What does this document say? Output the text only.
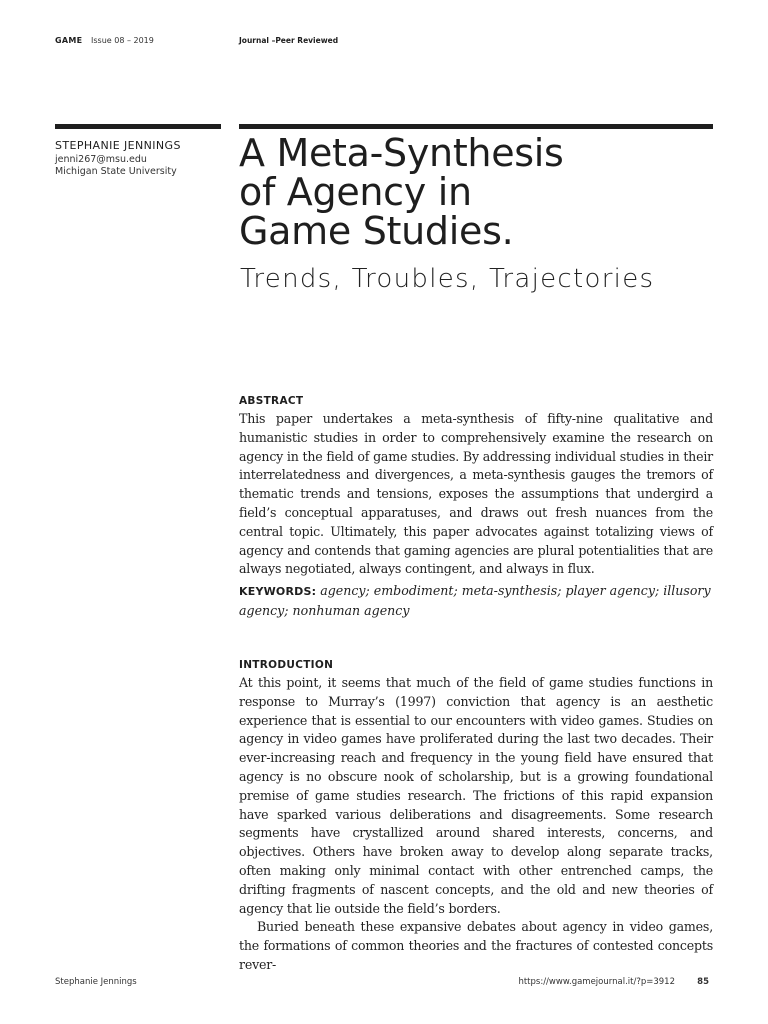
GAME Issue 08 – 2019	Journal –Peer Reviewed
STEPHANIE JENNINGS
jenni267@msu.edu
Michigan State University	A Meta-Synthesis
of Agency in
Game Studies.
Trends, Troubles, Trajectories
ABSTRACT
This paper undertakes a meta-synthesis of fifty-nine qualitative and humanistic studies in order to comprehensively examine the research on agency in the field of game studies. By addressing individual studies in their interrelatedness and divergences, a meta-synthesis gauges the tremors of thematic trends and tensions, exposes the assumptions that undergird a field’s conceptual apparatuses, and draws out fresh nuances from the central topic. Ultimately, this paper advocates against totalizing views of agency and contends that gaming agencies are plural potentialities that are always negotiated, always contingent, and always in flux.
KEYWORDS: agency; embodiment; meta-synthesis; player agency; illusory agency; nonhuman agency
INTRODUCTION
At this point, it seems that much of the field of game studies functions in response to Murray’s (1997) conviction that agency is an aesthetic experience that is essential to our encounters with video games. Studies on agency in video games have proliferated during the last two decades. Their ever-increasing reach and frequency in the young field have ensured that agency is no obscure nook of scholarship, but is a growing foundational premise of game studies research. The frictions of this rapid expansion have sparked various deliberations and disagreements. Some research segments have crystallized around shared interests, concerns, and objectives. Others have broken away to develop along separate tracks, often making only minimal contact with other entrenched camps, the drifting fragments of nascent concepts, and the old and new theories of agency that lie outside the field’s borders.
Buried beneath these expansive debates about agency in video games, the formations of common theories and the fractures of contested concepts rever-
Stephanie Jennings	https://www.gamejournal.it/?p=3912	85
